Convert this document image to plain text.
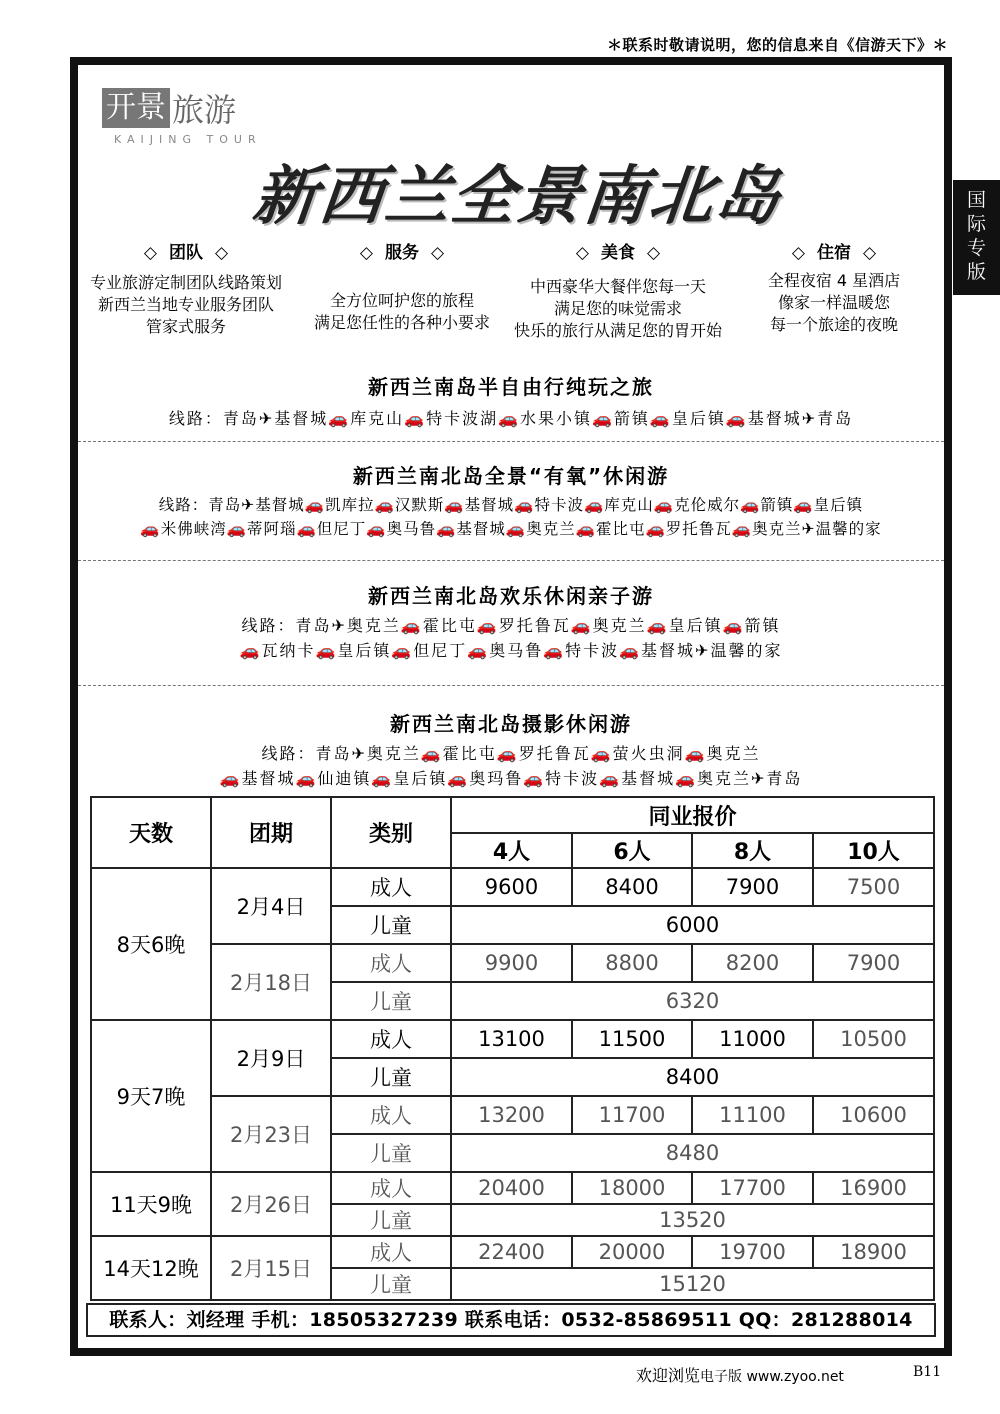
＊联系时敬请说明，您的信息来自《信游天下》＊
国
际
专
版
开景 旅游
KAIJING TOUR
新西兰全景南北岛
◇ 团队 ◇
专业旅游定制团队线路策划
新西兰当地专业服务团队
管家式服务
◇ 服务 ◇
全方位呵护您的旅程
满足您任性的各种小要求
◇ 美食 ◇
中西豪华大餐伴您每一天
满足您的味觉需求
快乐的旅行从满足您的胃开始
◇ 住宿 ◇
全程夜宿 4 星酒店
像家一样温暖您
每一个旅途的夜晚
新西兰南岛半自由行纯玩之旅
线路：青岛✈基督城🚗库克山🚗特卡波湖🚗水果小镇🚗箭镇🚗皇后镇🚗基督城✈青岛
新西兰南北岛全景“有氧”休闲游
线路：青岛✈基督城🚗凯库拉🚗汉默斯🚗基督城🚗特卡波🚗库克山🚗克伦威尔🚗箭镇🚗皇后镇
🚗米佛峡湾🚗蒂阿瑙🚗但尼丁🚗奥马鲁🚗基督城🚗奥克兰🚗霍比屯🚗罗托鲁瓦🚗奥克兰✈温馨的家
新西兰南北岛欢乐休闲亲子游
线路：青岛✈奥克兰🚗霍比屯🚗罗托鲁瓦🚗奥克兰🚗皇后镇🚗箭镇
🚗瓦纳卡🚗皇后镇🚗但尼丁🚗奥马鲁🚗特卡波🚗基督城✈温馨的家
新西兰南北岛摄影休闲游
线路：青岛✈奥克兰🚗霍比屯🚗罗托鲁瓦🚗萤火虫洞🚗奥克兰
🚗基督城🚗仙迪镇🚗皇后镇🚗奥玛鲁🚗特卡波🚗基督城🚗奥克兰✈青岛
天数	团期	类别	同业报价			
			4人	6人	8人	10人
8天6晚	2月4日	成人	9600	8400	7900	7500
		儿童	6000			
	2月18日	成人	9900	8800	8200	7900
		儿童	6320			
9天7晚	2月9日	成人	13100	11500	11000	10500
		儿童	8400			
	2月23日	成人	13200	11700	11100	10600
		儿童	8480			
11天9晚	2月26日	成人	20400	18000	17700	16900
		儿童	13520			
14天12晚	2月15日	成人	22400	20000	19700	18900
		儿童	15120			
联系人：刘经理 手机：18505327239 联系电话：0532-85869511 QQ：281288014
欢迎浏览电子版 www.zyoo.net	B11
